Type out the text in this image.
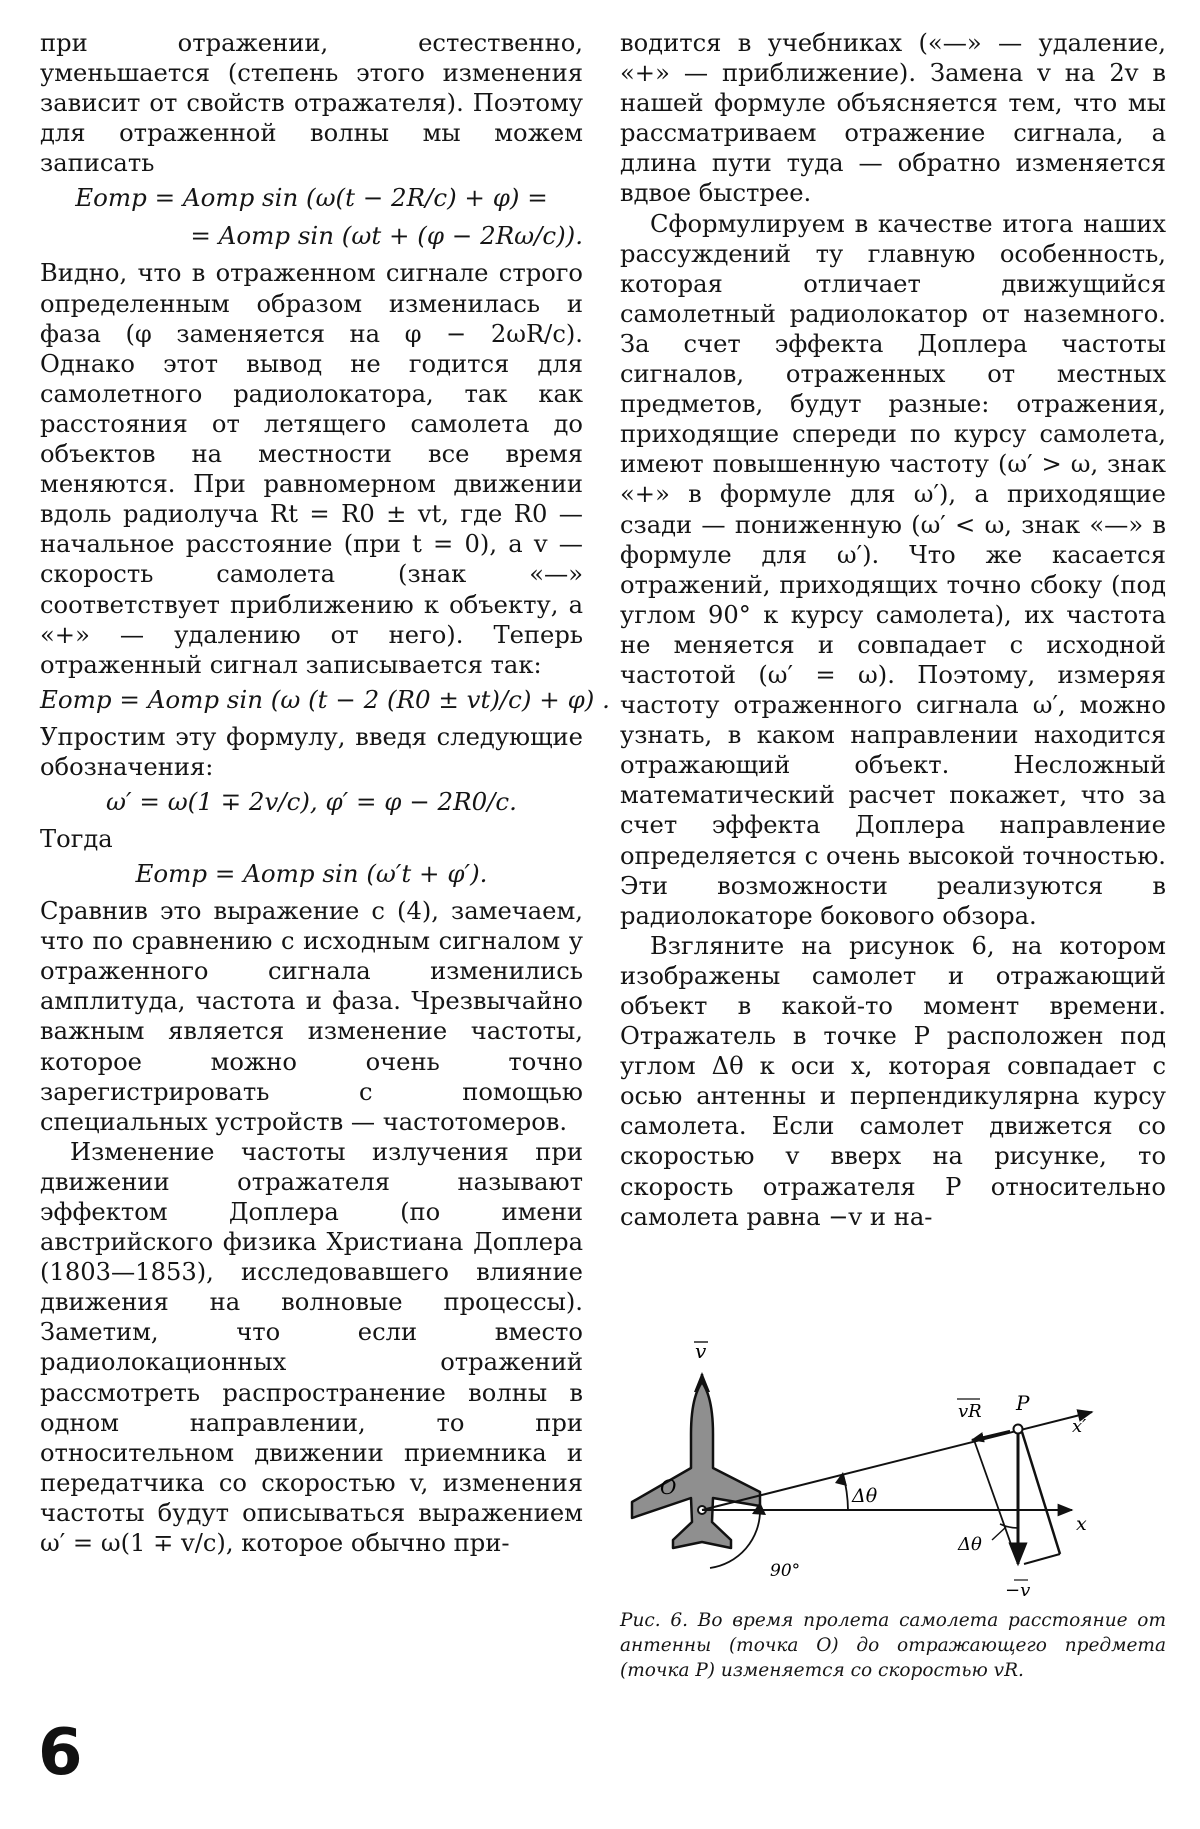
при отражении, естественно, уменьшается (степень этого изменения зависит от свойств отражателя). Поэтому для отраженной волны мы можем записать
Eотр = Aотр sin (ω(t − 2R/c) + φ) =
= Aотр sin (ωt + (φ − 2Rω/c)).
Видно, что в отраженном сигнале строго определенным образом изменилась и фаза (φ заменяется на φ − 2ωR/c). Однако этот вывод не годится для самолетного радиолокатора, так как расстояния от летящего самолета до объектов на местности все время меняются. При равномерном движении вдоль радиолуча Rt = R0 ± vt, где R0 — начальное расстояние (при t = 0), а v — скорость самолета (знак «—» соответствует приближению к объекту, а «+» — удалению от него). Теперь отраженный сигнал записывается так:
Eотр = Aотр sin (ω (t − 2 (R0 ± vt)/c) + φ) .
Упростим эту формулу, введя следующие обозначения:
ω′ = ω(1 ∓ 2v/c), φ′ = φ − 2R0/c.
Тогда
Eотр = Aотр sin (ω′t + φ′).
Сравнив это выражение с (4), замечаем, что по сравнению с исходным сигналом у отраженного сигнала изменились амплитуда, частота и фаза. Чрезвычайно важным является изменение частоты, которое можно очень точно зарегистрировать с помощью специальных устройств — частотомеров.
Изменение частоты излучения при движении отражателя называют эффектом Доплера (по имени австрийского физика Христиана Доплера (1803—1853), исследовавшего влияние движения на волновые процессы). Заметим, что если вместо радиолокационных отражений рассмотреть распространение волны в одном направлении, то при относительном движении приемника и передатчика со скоростью v, изменения частоты будут описываться выражением ω′ = ω(1 ∓ v/c), которое обычно при-
водится в учебниках («—» — удаление, «+» — приближение). Замена v на 2v в нашей формуле объясняется тем, что мы рассматриваем отражение сигнала, а длина пути туда — обратно изменяется вдвое быстрее.
Сформулируем в качестве итога наших рассуждений ту главную особенность, которая отличает движущийся самолетный радиолокатор от наземного. За счет эффекта Доплера частоты сигналов, отраженных от местных предметов, будут разные: отражения, приходящие спереди по курсу самолета, имеют повышенную частоту (ω′ > ω, знак «+» в формуле для ω′), а приходящие сзади — пониженную (ω′ < ω, знак «—» в формуле для ω′). Что же касается отражений, приходящих точно сбоку (под углом 90° к курсу самолета), их частота не меняется и совпадает с исходной частотой (ω′ = ω). Поэтому, измеряя частоту отраженного сигнала ω′, можно узнать, в каком направлении находится отражающий объект. Несложный математический расчет покажет, что за счет эффекта Доплера направление определяется с очень высокой точностью. Эти возможности реализуются в радиолокаторе бокового обзора.
Взгляните на рисунок 6, на котором изображены самолет и отражающий объект в какой-то момент времени. Отражатель в точке P расположен под углом Δθ к оси x, которая совпадает с осью антенны и перпендикулярна курсу самолета. Если самолет движется со скоростью v вверх на рисунке, то скорость отражателя P относительно самолета равна −v и на-
v
vR P
x′
O	Δθ
x
Δθ
90°
−v
Рис. 6. Во время пролета самолета расстояние от антенны (точка O) до отражающего предмета (точка P) изменяется со скоростью vR.
6
